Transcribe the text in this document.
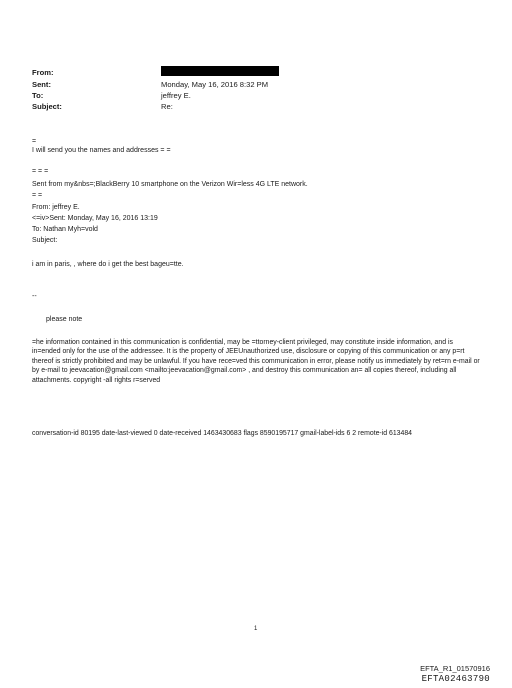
From:
Sent:	Monday, May 16, 2016 8:32 PM
To:	jeffrey E.
Subject:	Re:
=
I will send you the names and addresses = =
= = =
Sent from my&nbs=;BlackBerry 10 smartphone on the Verizon Wir=less 4G LTE network.
= =
From: jeffrey E.
<=iv>Sent: Monday, May 16, 2016 13:19
To: Nathan Myh=vold
Subject:
i am in paris, , where do i get the best bageu=tte.
--
please note
=he information contained in this communication is confidential, may be =ttorney-client privileged, may constitute inside information, and is in=ended only for the use of the addressee. It is the property of JEEUnauthorized use, disclosure or copying of this communication or any p=rt thereof is strictly prohibited and may be unlawful. If you have rece=ved this communication in error, please notify us immediately by ret=rn e-mail or by e-mail to jeevacation@gmail.com <mailto:jeevacation@gmail.com> , and destroy this communication an= all copies thereof, including all attachments. copyright -all rights r=served
conversation-id 80195 date-last-viewed 0 date-received 1463430683 flags 8590195717 gmail-label-ids 6 2 remote-id 613484
1
EFTA_R1_01570916
EFTA02463790
